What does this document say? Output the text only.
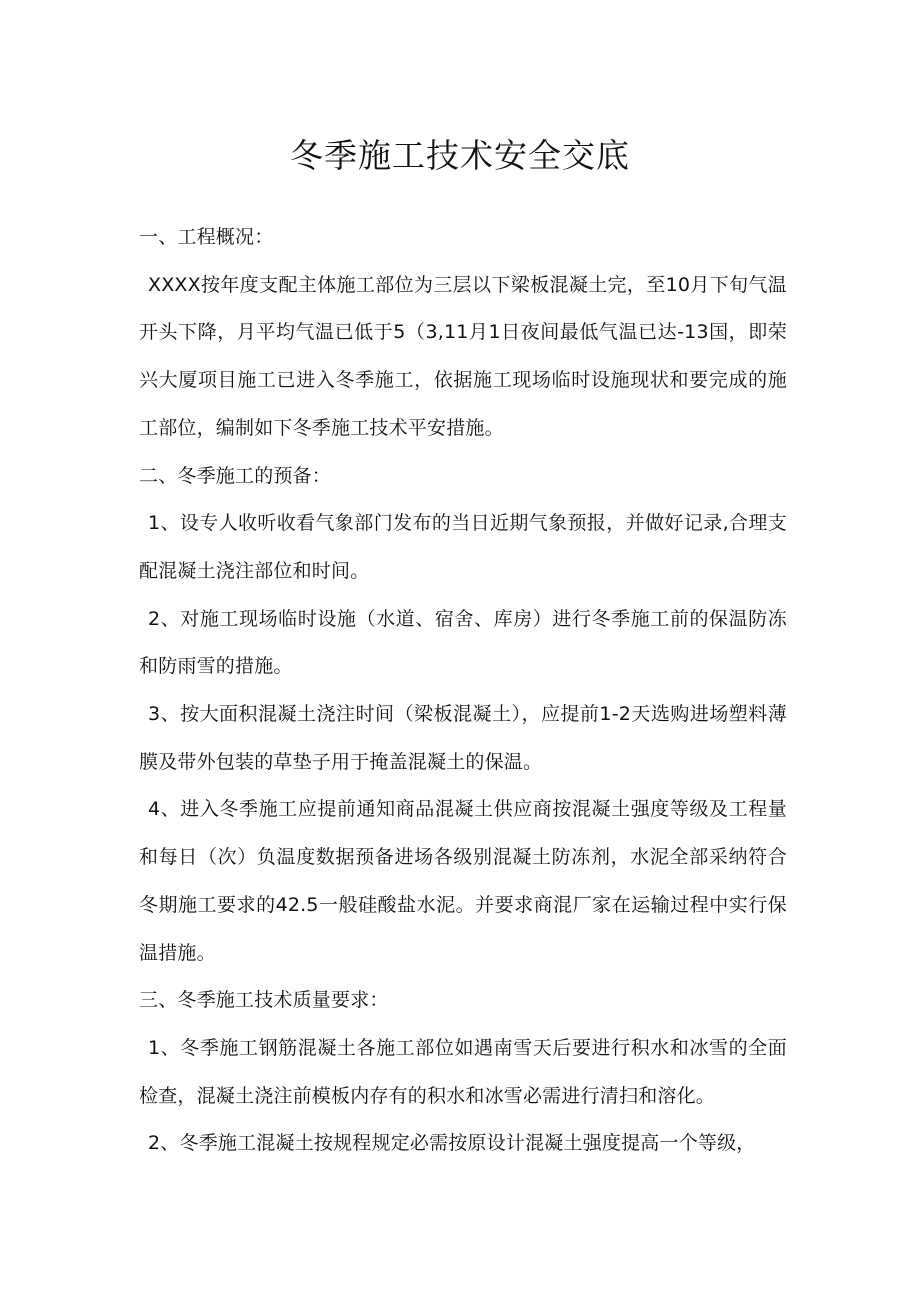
冬季施工技术安全交底

一、工程概况：

XXXX按年度支配主体施工部位为三层以下梁板混凝土完，至10月下旬气温开头下降，月平均气温已低于5（3,11月1日夜间最低气温已达-13国，即荣兴大厦项目施工已进入冬季施工，依据施工现场临时设施现状和要完成的施工部位，编制如下冬季施工技术平安措施。

二、冬季施工的预备：

1、设专人收听收看气象部门发布的当日近期气象预报，并做好记录,合理支配混凝土浇注部位和时间。

2、对施工现场临时设施（水道、宿舍、库房）进行冬季施工前的保温防冻和防雨雪的措施。

3、按大面积混凝土浇注时间（梁板混凝土），应提前1-2天选购进场塑料薄膜及带外包装的草垫子用于掩盖混凝土的保温。

4、进入冬季施工应提前通知商品混凝土供应商按混凝土强度等级及工程量和每日（次）负温度数据预备进场各级别混凝土防冻剂，水泥全部采纳符合冬期施工要求的42.5一般硅酸盐水泥。并要求商混厂家在运输过程中实行保温措施。

三、冬季施工技术质量要求：

1、冬季施工钢筋混凝土各施工部位如遇南雪天后要进行积水和冰雪的全面检查，混凝土浇注前模板内存有的积水和冰雪必需进行清扫和溶化。

2、冬季施工混凝土按规程规定必需按原设计混凝土强度提高一个等级，
